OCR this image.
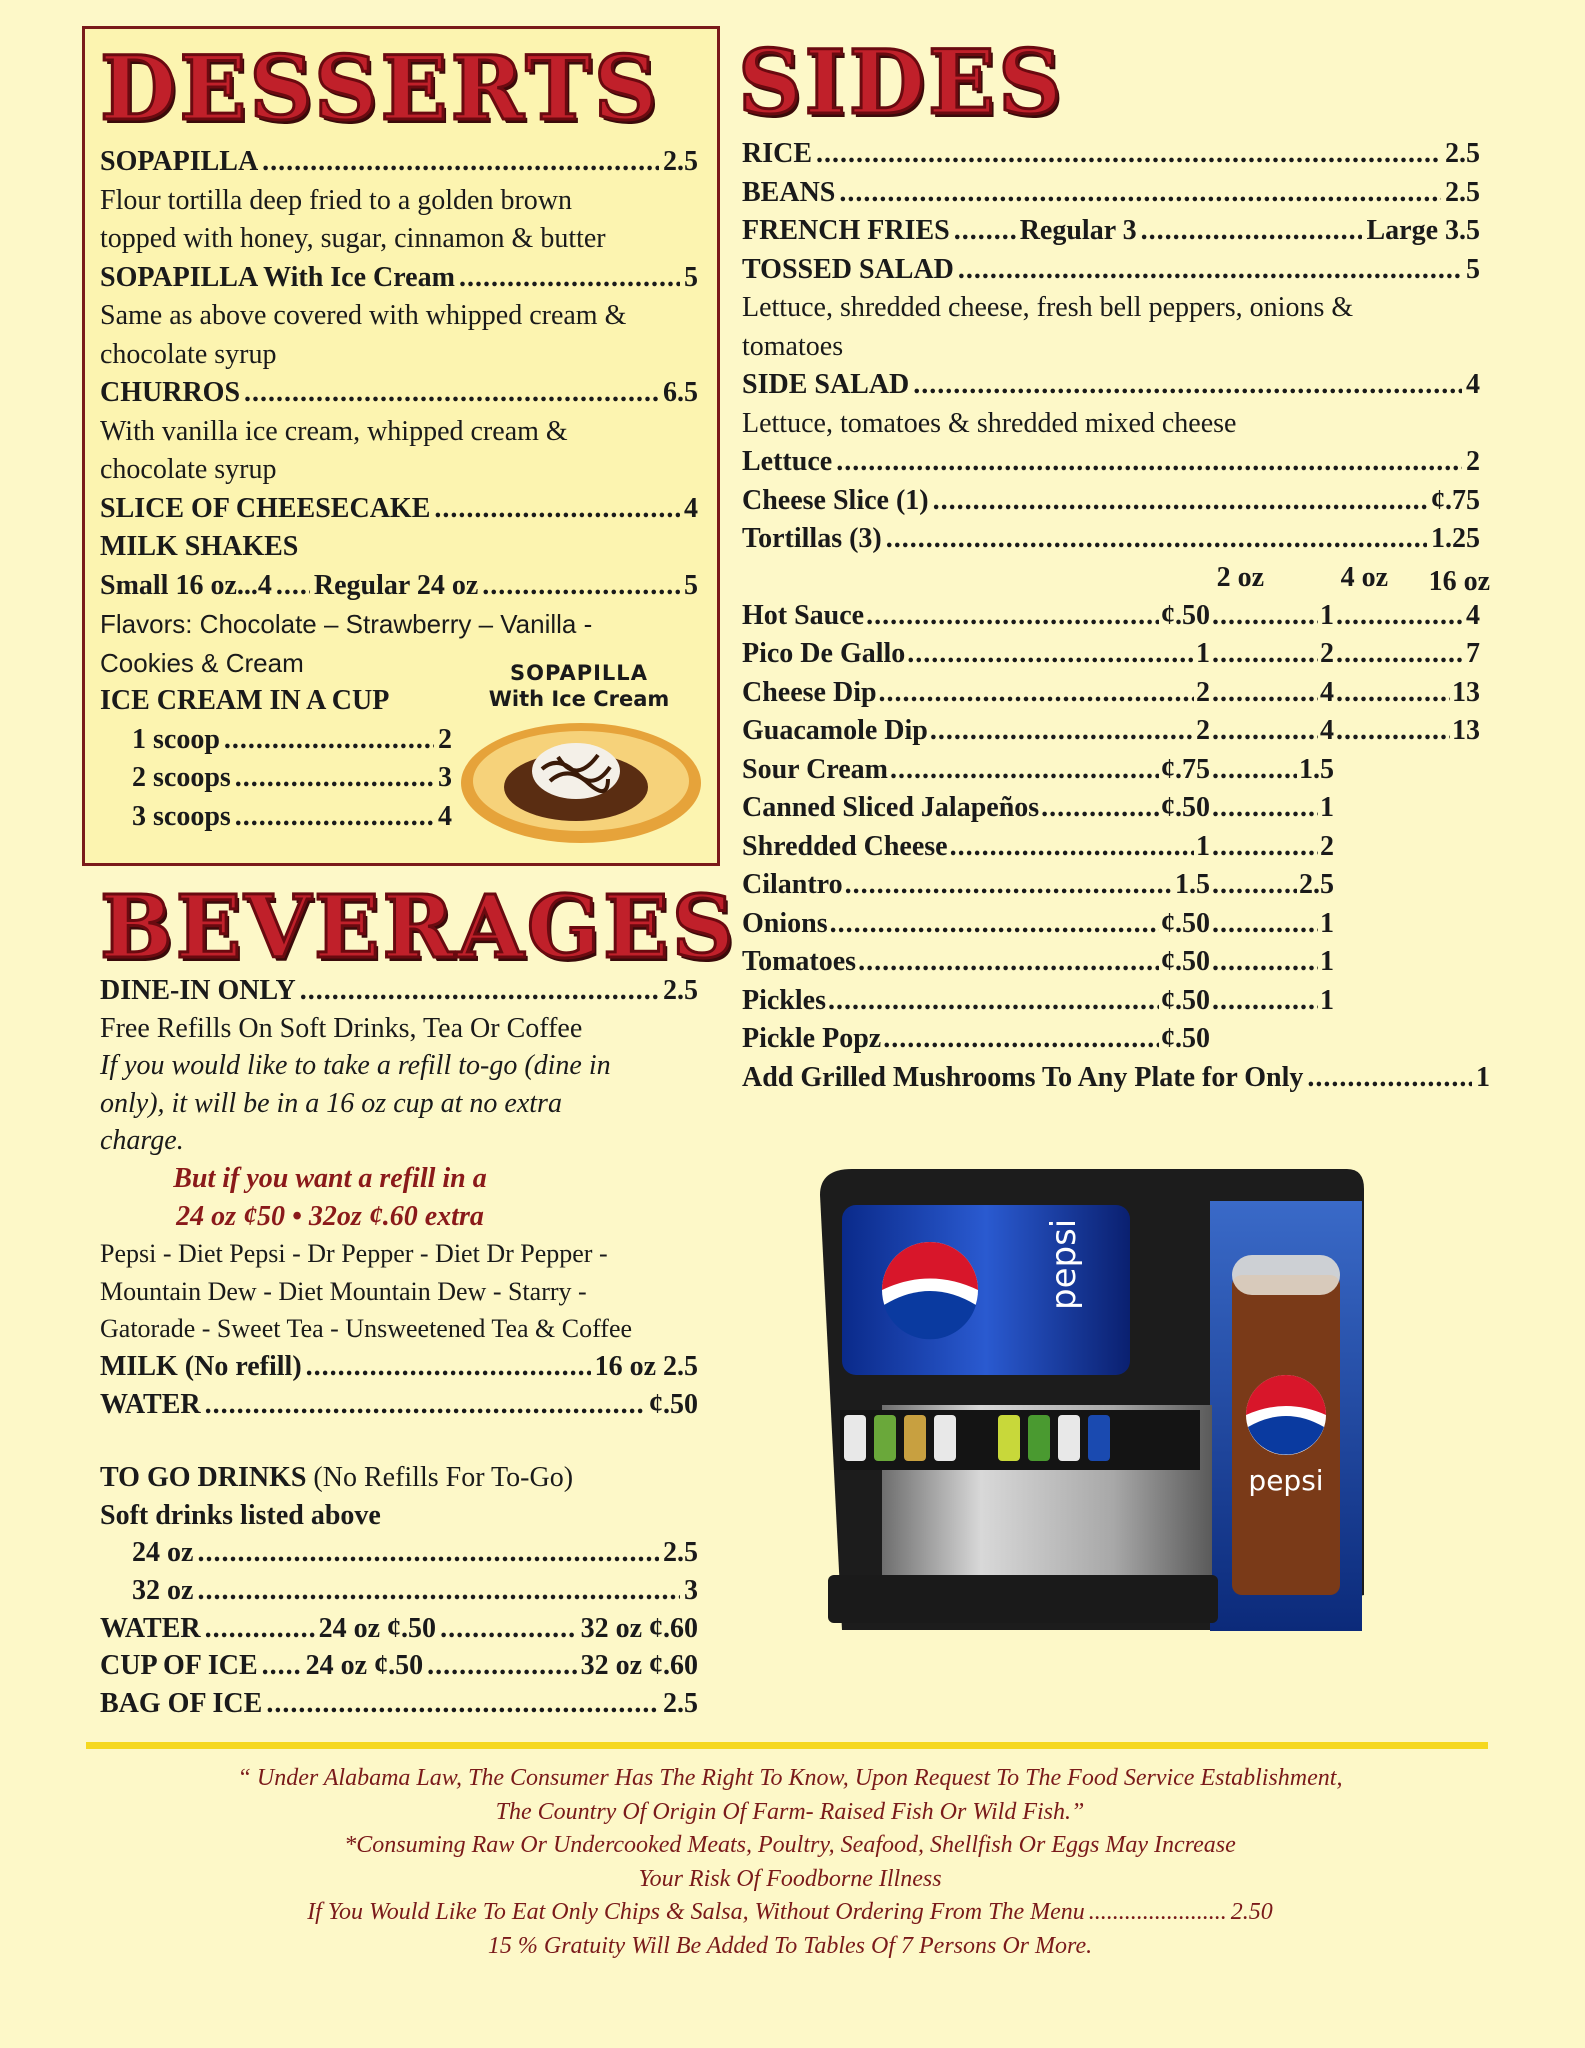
DESSERTS
SOPAPILLA .....	2.5
Flour tortilla deep fried to a golden brown
topped with honey, sugar, cinnamon & butter
SOPAPILLA With Ice Cream .....	5
Same as above covered with whipped cream &
chocolate syrup
CHURROS .....	6.5
With vanilla ice cream, whipped cream &
chocolate syrup
SLICE OF CHEESECAKE .....	4
MILK SHAKES
Small 16 oz...4 ..... Regular 24 oz .....	5
Flavors: Chocolate – Strawberry – Vanilla -
Cookies & Cream
ICE CREAM IN A CUP
1 scoop .....	2
2 scoops .....	3
3 scoops .....	4
SOPAPILLA
With Ice Cream
SIDES
RICE .....	2.5
BEANS .....	2.5
FRENCH FRIES .....	Regular 3 .....	Large 3.5
TOSSED SALAD .....	5
Lettuce, shredded cheese, fresh bell peppers, onions &
tomatoes
SIDE SALAD .....	4
Lettuce, tomatoes & shredded mixed cheese
Lettuce .....	2
Cheese Slice (1) .....	¢.75
Tortillas (3) .....	1.25
2 oz	4 oz	16 oz
Hot Sauce .....	¢.50 .....	1 .....	4
Pico De Gallo .....	1 .....	2 .....	7
Cheese Dip .....	2 .....	4 .....	13
Guacamole Dip .....	2 .....	4 .....	13
Sour Cream .....	¢.75 .....	1.5
Canned Sliced Jalapeños .....	¢.50 .....	1
Shredded Cheese .....	1 .....	2
Cilantro .....	1.5 .....	2.5
Onions .....	¢.50 .....	1
Tomatoes .....	¢.50 .....	1
Pickles .....	¢.50 .....	1
Pickle Popz .....	¢.50
Add Grilled Mushrooms To Any Plate for Only .....	1
BEVERAGES
DINE-IN ONLY .....	2.5
Free Refills On Soft Drinks, Tea Or Coffee
If you would like to take a refill to-go (dine in
only), it will be in a 16 oz cup at no extra
charge.
But if you want a refill in a
24 oz ¢50 • 32oz ¢.60 extra
Pepsi - Diet Pepsi - Dr Pepper - Diet Dr Pepper -
Mountain Dew - Diet Mountain Dew - Starry -
Gatorade - Sweet Tea - Unsweetened Tea & Coffee
MILK (No refill) .....	16 oz 2.5
WATER .....	¢.50
TO GO DRINKS (No Refills For To-Go)
Soft drinks listed above
24 oz .....	2.5
32 oz .....	3
WATER .....	24 oz ¢.50 .....	32 oz ¢.60
CUP OF ICE ..... 24 oz ¢.50 .....	32 oz ¢.60
BAG OF ICE .....	2.5
pepsi
pepsi
“ Under Alabama Law, The Consumer Has The Right To Know, Upon Request To The Food Service Establishment,
The Country Of Origin Of Farm- Raised Fish Or Wild Fish.”
*Consuming Raw Or Undercooked Meats, Poultry, Seafood, Shellfish Or Eggs May Increase
Your Risk Of Foodborne Illness
If You Would Like To Eat Only Chips & Salsa, Without Ordering From The Menu ....................... 2.50
15 % Gratuity Will Be Added To Tables Of 7 Persons Or More.
